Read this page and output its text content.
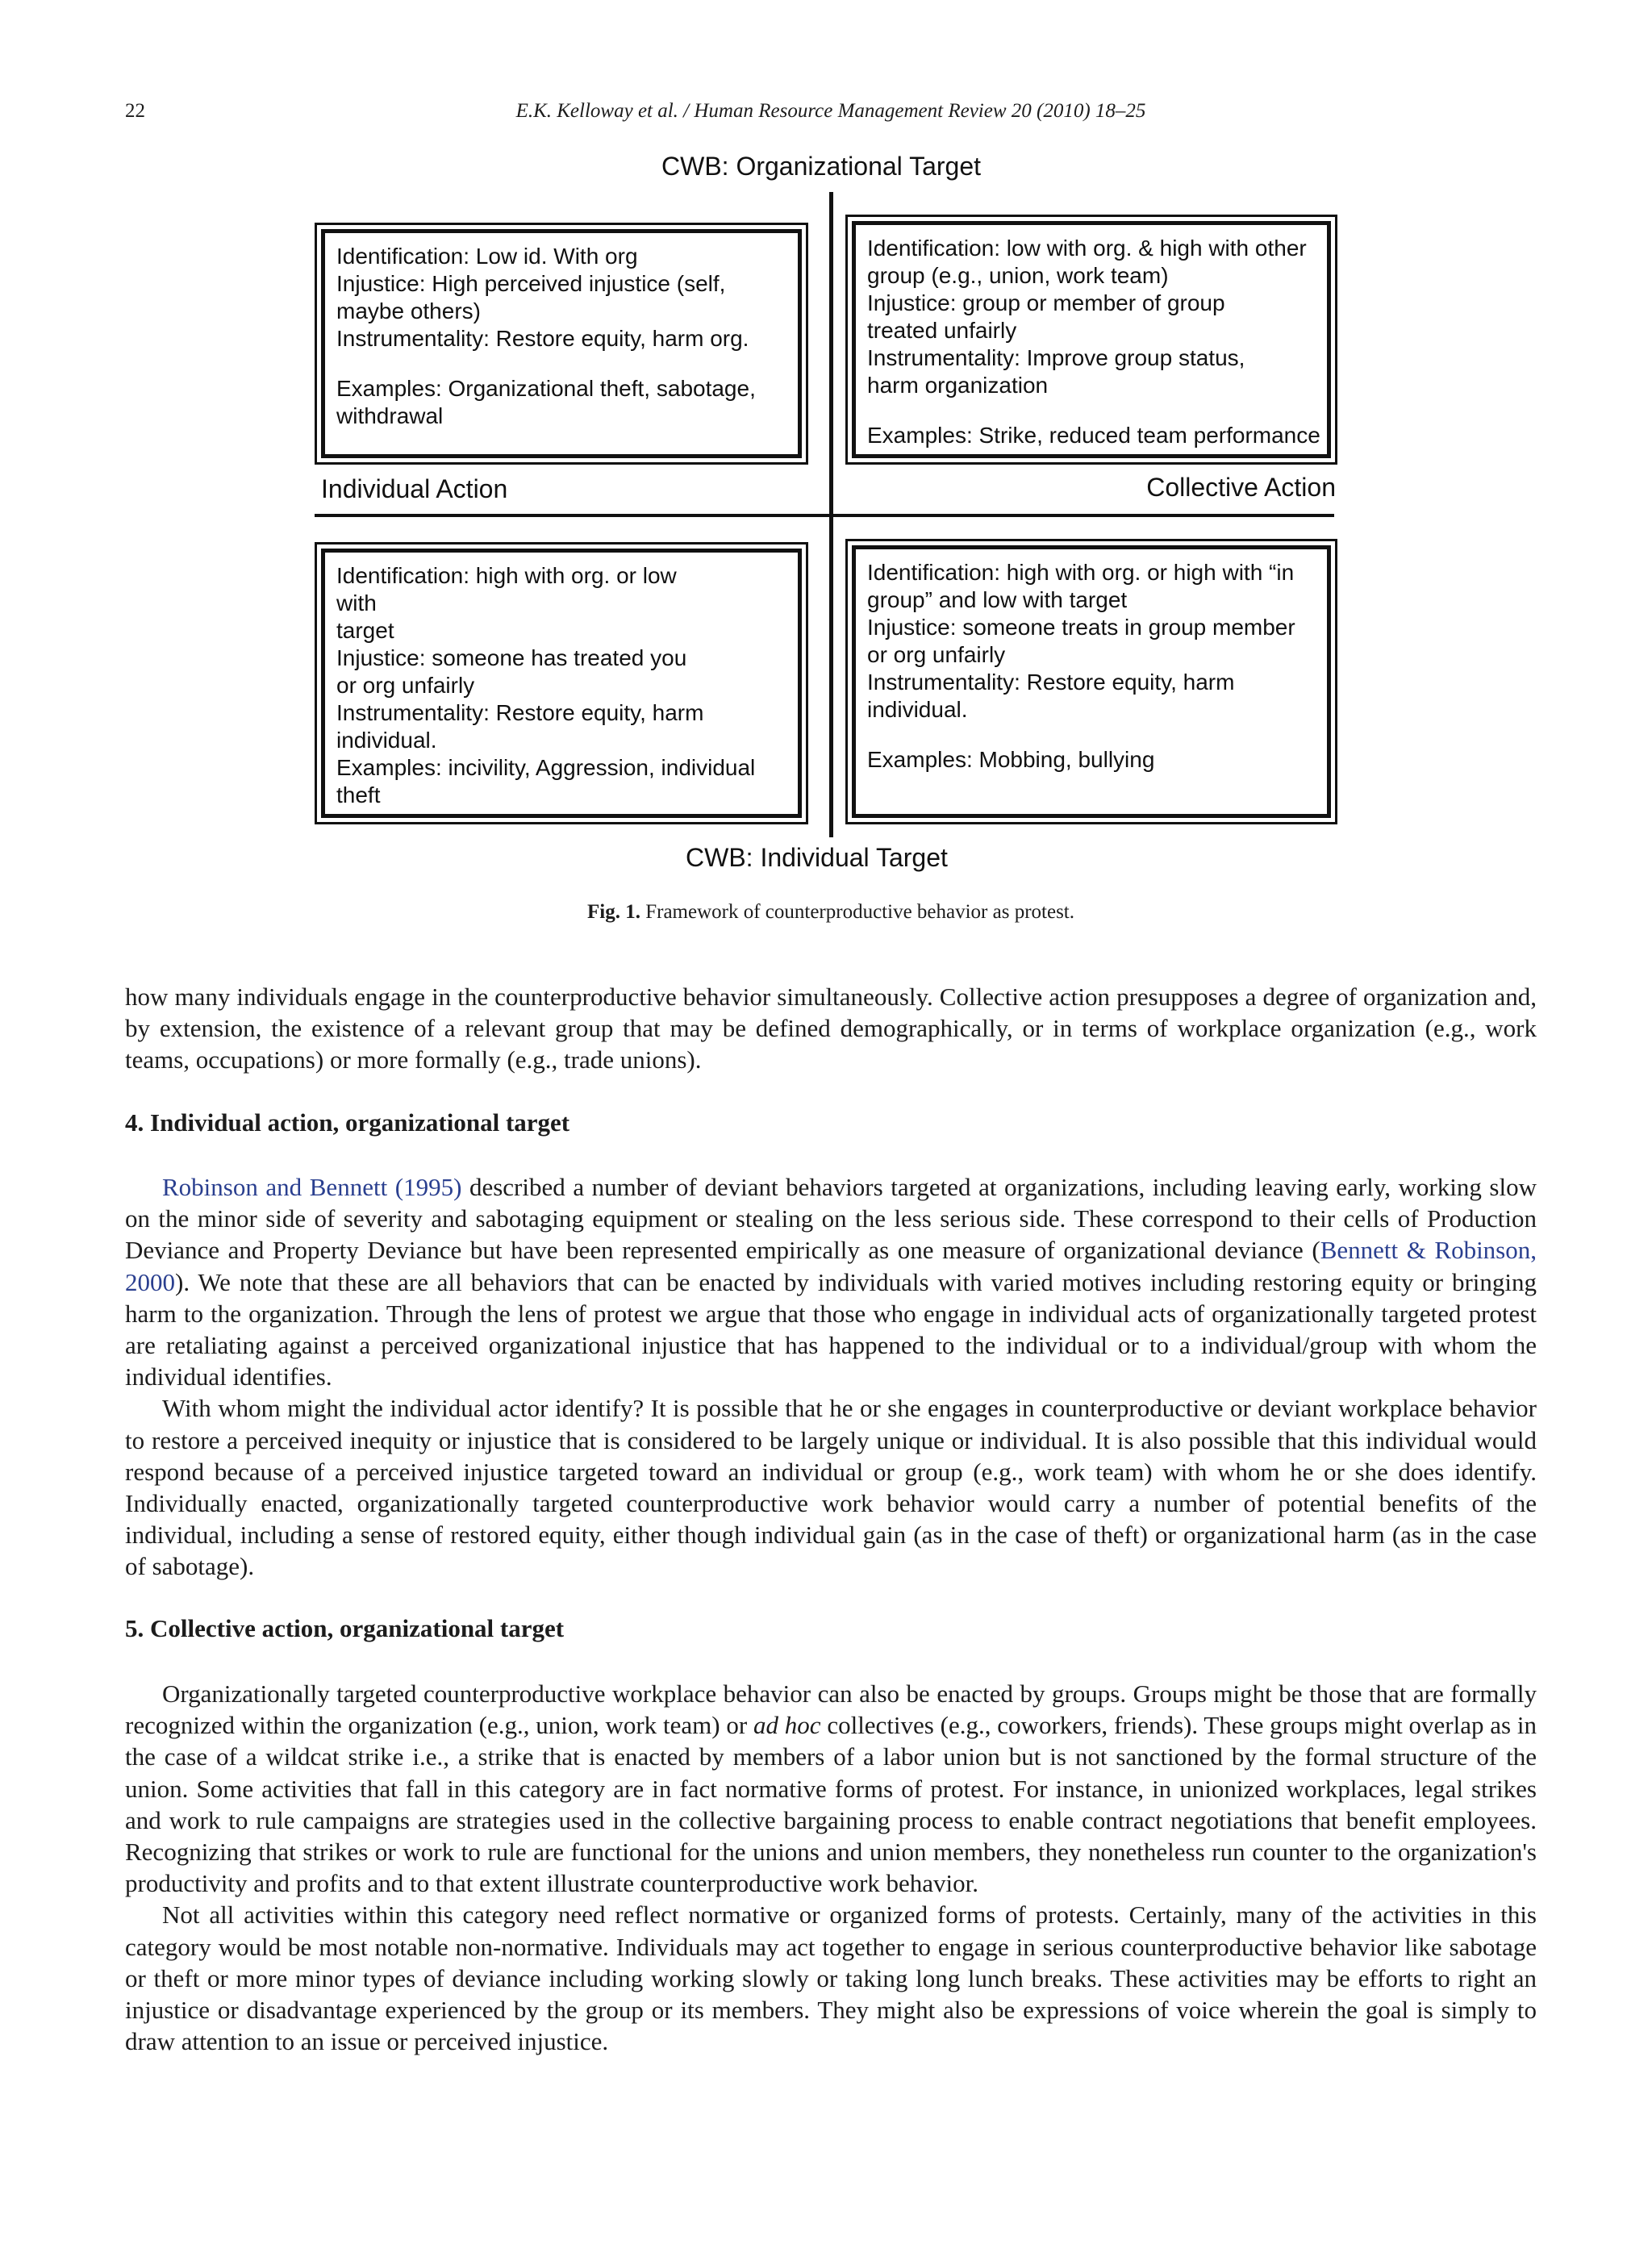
22	E.K. Kelloway et al. / Human Resource Management Review 20 (2010) 18–25
CWB: Organizational Target
Identification: Low id. With org
Injustice: High perceived injustice (self,
maybe others)
Instrumentality: Restore equity, harm org.
Examples: Organizational theft, sabotage,
withdrawal
Identification: low with org. & high with other
group (e.g., union, work team)
Injustice: group or member of group
treated unfairly
Instrumentality: Improve group status,
harm organization
Examples: Strike, reduced team performance
Individual Action	Collective Action
Identification: high with org. or low
with
target
Injustice: someone has treated you
or org unfairly
Instrumentality: Restore equity, harm
individual.
Examples: incivility, Aggression, individual
theft
Identification: high with org. or high with “in
group” and low with target
Injustice: someone treats in group member
or org unfairly
Instrumentality: Restore equity, harm
individual.
Examples: Mobbing, bullying
CWB: Individual Target
Fig. 1. Framework of counterproductive behavior as protest.

how many individuals engage in the counterproductive behavior simultaneously. Collective action presupposes a degree of organization and, by extension, the existence of a relevant group that may be defined demographically, or in terms of workplace organization (e.g., work teams, occupations) or more formally (e.g., trade unions).

4. Individual action, organizational target

Robinson and Bennett (1995) described a number of deviant behaviors targeted at organizations, including leaving early, working slow on the minor side of severity and sabotaging equipment or stealing on the less serious side. These correspond to their cells of Production Deviance and Property Deviance but have been represented empirically as one measure of organizational deviance (Bennett & Robinson, 2000). We note that these are all behaviors that can be enacted by individuals with varied motives including restoring equity or bringing harm to the organization. Through the lens of protest we argue that those who engage in individual acts of organizationally targeted protest are retaliating against a perceived organizational injustice that has happened to the individual or to a individual/group with whom the individual identifies.

With whom might the individual actor identify? It is possible that he or she engages in counterproductive or deviant workplace behavior to restore a perceived inequity or injustice that is considered to be largely unique or individual. It is also possible that this individual would respond because of a perceived injustice targeted toward an individual or group (e.g., work team) with whom he or she does identify. Individually enacted, organizationally targeted counterproductive work behavior would carry a number of potential benefits of the individual, including a sense of restored equity, either though individual gain (as in the case of theft) or organizational harm (as in the case of sabotage).

5. Collective action, organizational target

Organizationally targeted counterproductive workplace behavior can also be enacted by groups. Groups might be those that are formally recognized within the organization (e.g., union, work team) or ad hoc collectives (e.g., coworkers, friends). These groups might overlap as in the case of a wildcat strike i.e., a strike that is enacted by members of a labor union but is not sanctioned by the formal structure of the union. Some activities that fall in this category are in fact normative forms of protest. For instance, in unionized workplaces, legal strikes and work to rule campaigns are strategies used in the collective bargaining process to enable contract negotiations that benefit employees. Recognizing that strikes or work to rule are functional for the unions and union members, they nonetheless run counter to the organization's productivity and profits and to that extent illustrate counterproductive work behavior.

Not all activities within this category need reflect normative or organized forms of protests. Certainly, many of the activities in this category would be most notable non-normative. Individuals may act together to engage in serious counterproductive behavior like sabotage or theft or more minor types of deviance including working slowly or taking long lunch breaks. These activities may be efforts to right an injustice or disadvantage experienced by the group or its members. They might also be expressions of voice wherein the goal is simply to draw attention to an issue or perceived injustice.
